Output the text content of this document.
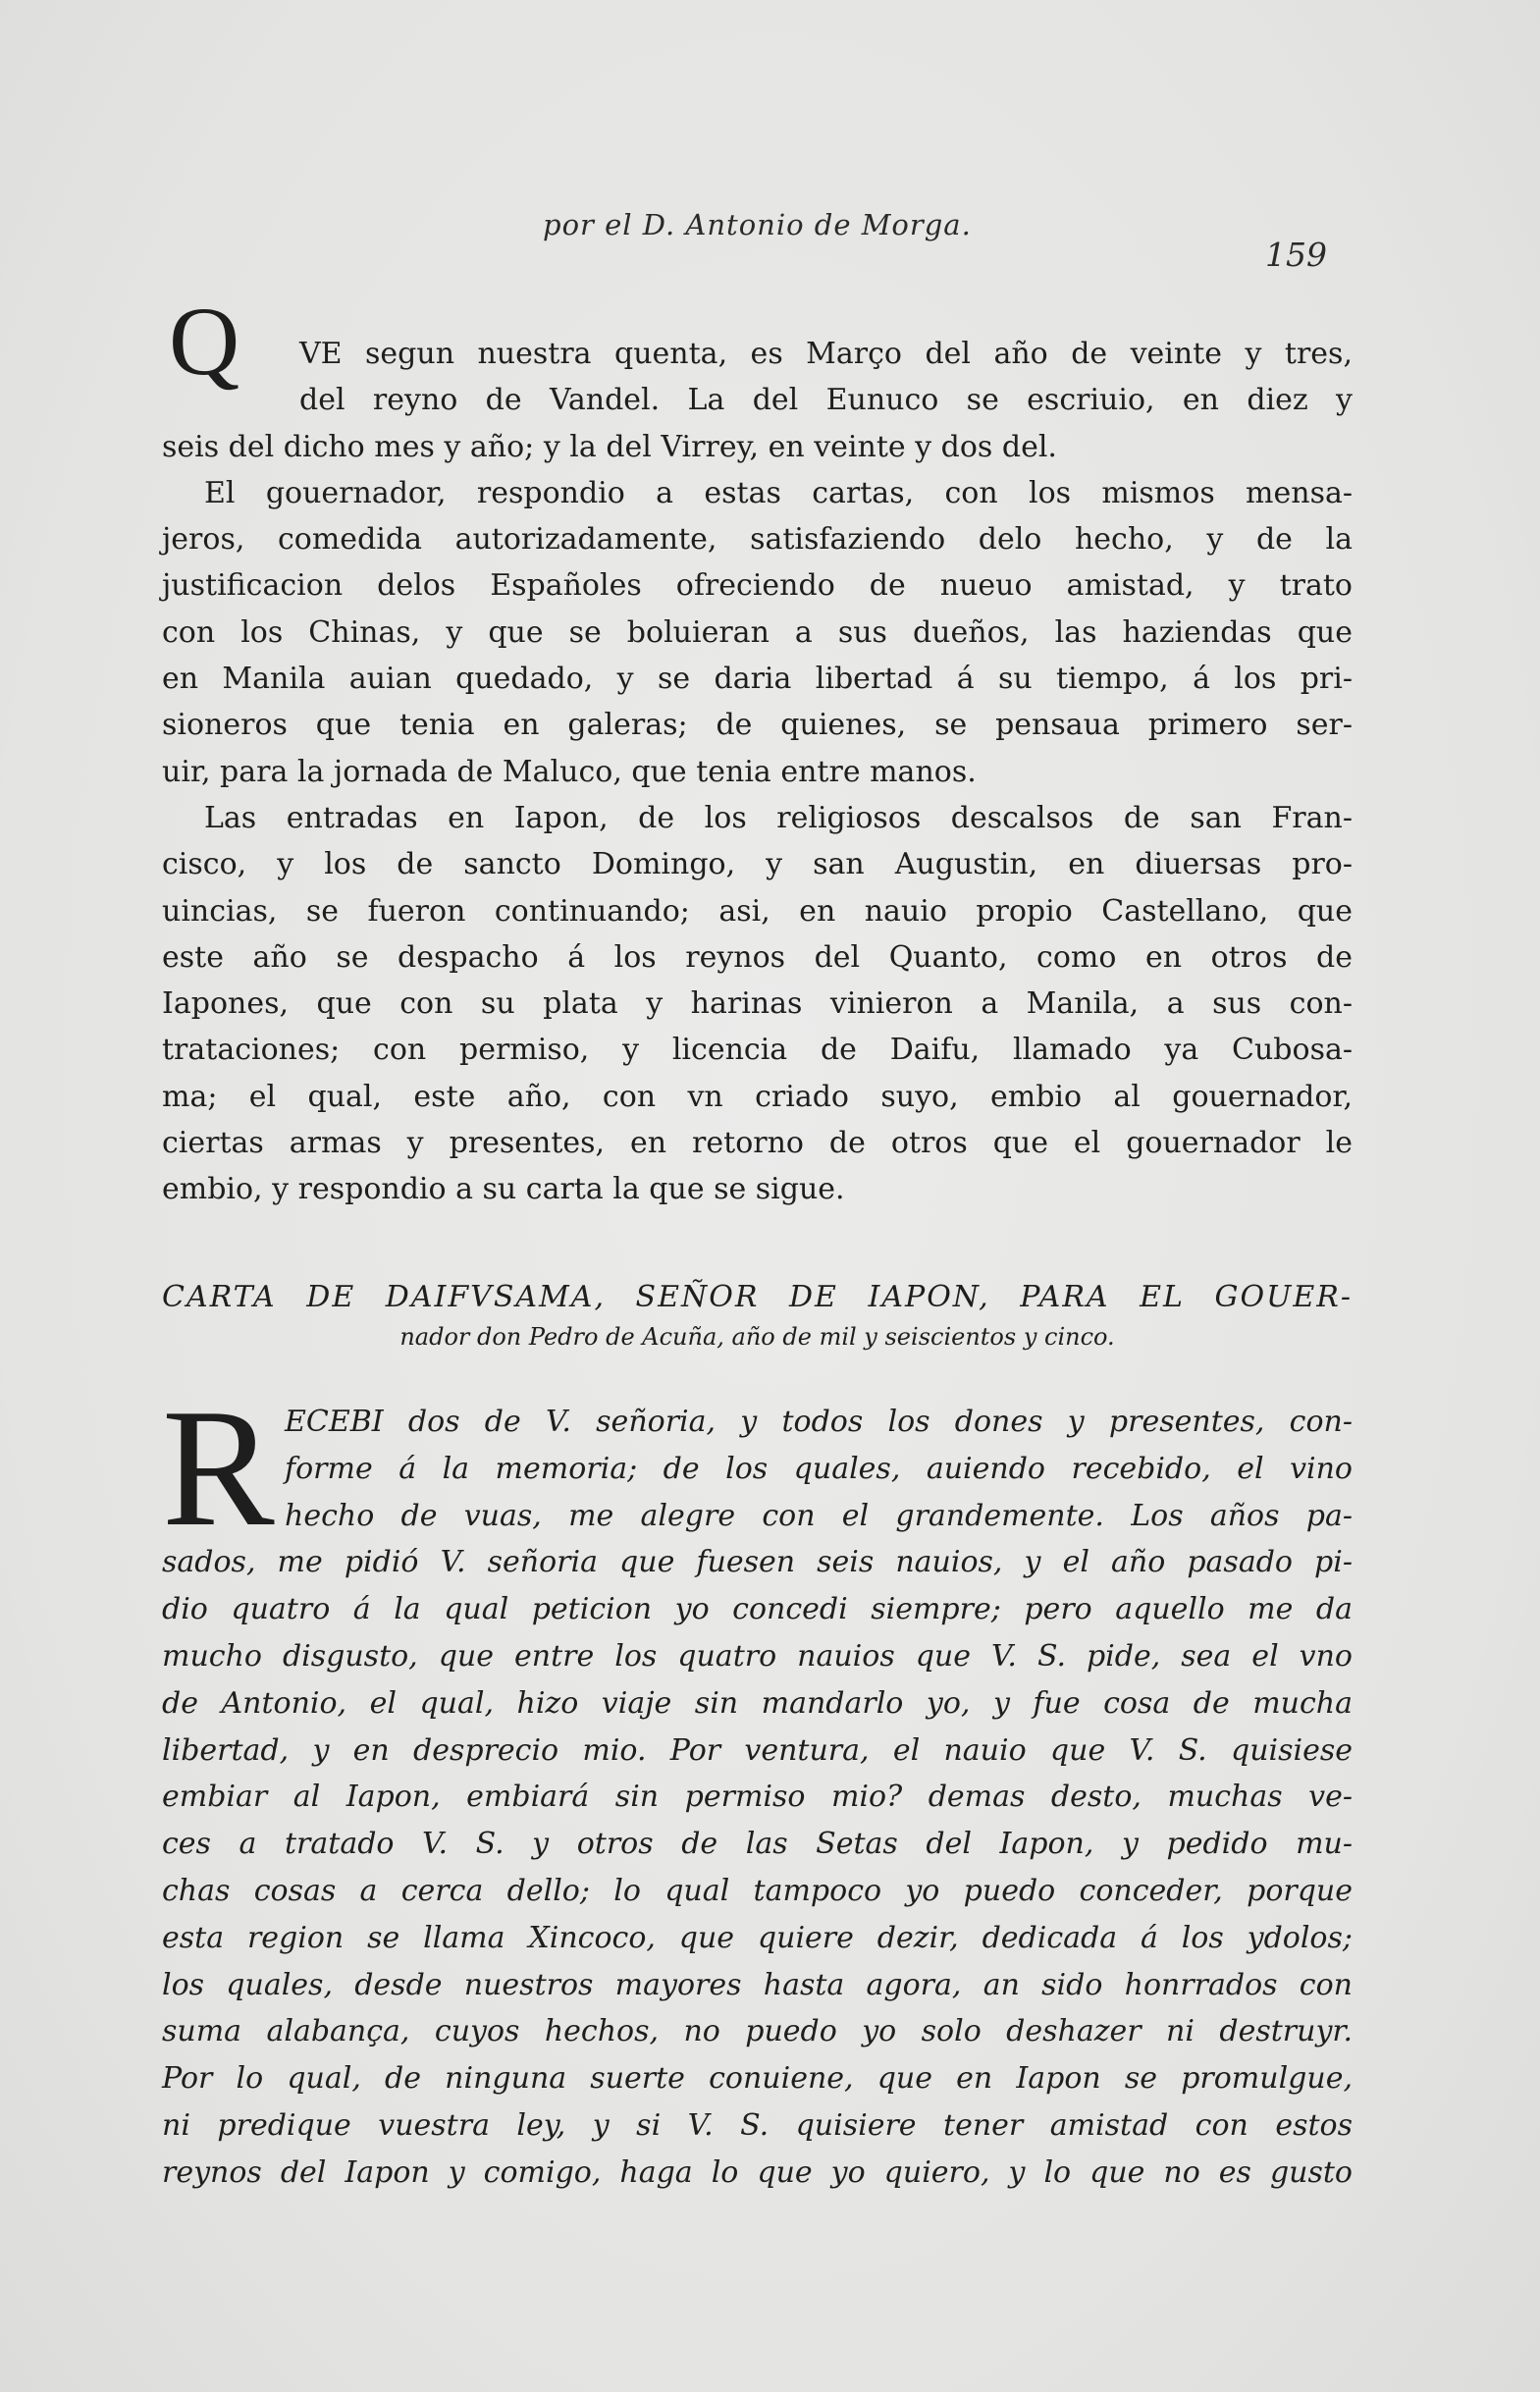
por el D. Antonio de Morga.
159
Q	VE segun nuestra quenta, es Março del año de veinte y tres,
del reyno de Vandel. La del Eunuco se escriuio, en diez y
seis del dicho mes y año; y la del Virrey, en veinte y dos del.
El gouernador, respondio a estas cartas, con los mismos mensa-
jeros, comedida autorizadamente, satisfaziendo delo hecho, y de la
justificacion delos Españoles ofreciendo de nueuo amistad, y trato
con los Chinas, y que se boluieran a sus dueños, las haziendas que
en Manila auian quedado, y se daria libertad á su tiempo, á los pri-
sioneros que tenia en galeras; de quienes, se pensaua primero ser-
uir, para la jornada de Maluco, que tenia entre manos.
Las entradas en Iapon, de los religiosos descalsos de san Fran-
cisco, y los de sancto Domingo, y san Augustin, en diuersas pro-
uincias, se fueron continuando; asi, en nauio propio Castellano, que
este año se despacho á los reynos del Quanto, como en otros de
Iapones, que con su plata y harinas vinieron a Manila, a sus con-
trataciones; con permiso, y licencia de Daifu, llamado ya Cubosa-
ma; el qual, este año, con vn criado suyo, embio al gouernador,
ciertas armas y presentes, en retorno de otros que el gouernador le
embio, y respondio a su carta la que se sigue.
CARTA DE DAIFVSAMA, SEÑOR DE IAPON, PARA EL GOUER-
nador don Pedro de Acuña, año de mil y seiscientos y cinco.
R ECEBI dos de V. señoria, y todos los dones y presentes, con-
forme á la memoria; de los quales, auiendo recebido, el vino
hecho de vuas, me alegre con el grandemente. Los años pa-
sados, me pidió V. señoria que fuesen seis nauios, y el año pasado pi-
dio quatro á la qual peticion yo concedi siempre; pero aquello me da
mucho disgusto, que entre los quatro nauios que V. S. pide, sea el vno
de Antonio, el qual, hizo viaje sin mandarlo yo, y fue cosa de mucha
libertad, y en desprecio mio. Por ventura, el nauio que V. S. quisiese
embiar al Iapon, embiará sin permiso mio? demas desto, muchas ve-
ces a tratado V. S. y otros de las Setas del Iapon, y pedido mu-
chas cosas a cerca dello; lo qual tampoco yo puedo conceder, porque
esta region se llama Xincoco, que quiere dezir, dedicada á los ydolos;
los quales, desde nuestros mayores hasta agora, an sido honrrados con
suma alabança, cuyos hechos, no puedo yo solo deshazer ni destruyr.
Por lo qual, de ninguna suerte conuiene, que en Iapon se promulgue,
ni predique vuestra ley, y si V. S. quisiere tener amistad con estos
reynos del Iapon y comigo, haga lo que yo quiero, y lo que no es gusto
